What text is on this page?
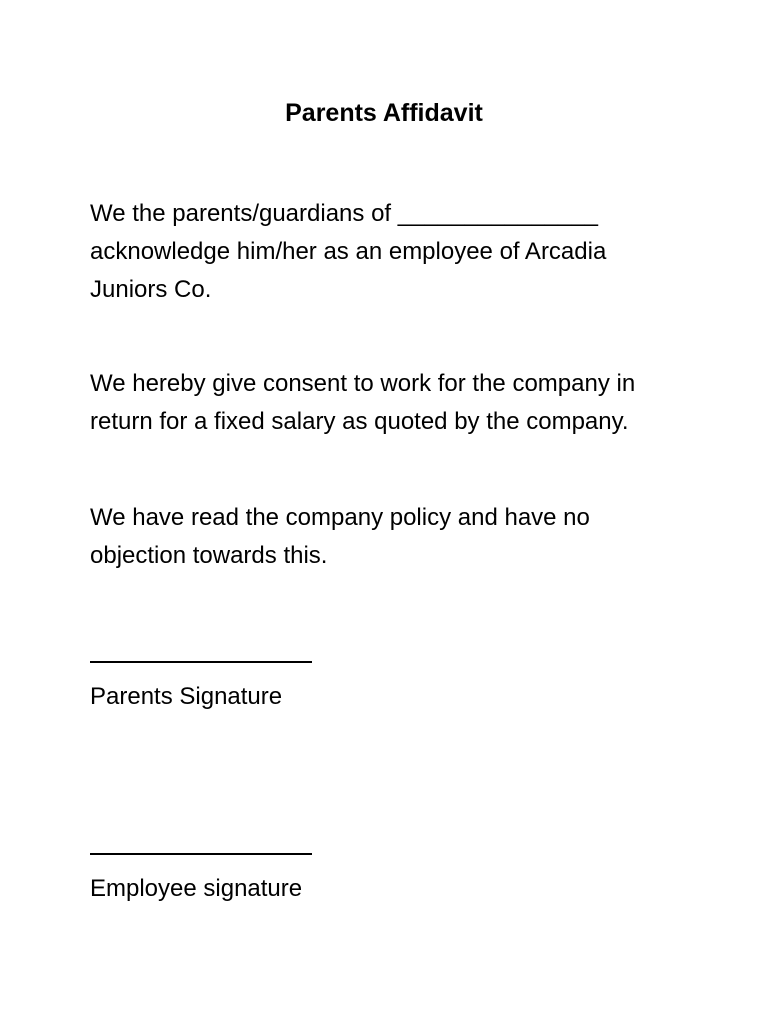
Parents Affidavit

We the parents/guardians of _______________ acknowledge him/her as an employee of Arcadia Juniors Co.

We hereby give consent to work for the company in return for a fixed salary as quoted by the company.

We have read the company policy and have no objection towards this.

Parents Signature

Employee signature
